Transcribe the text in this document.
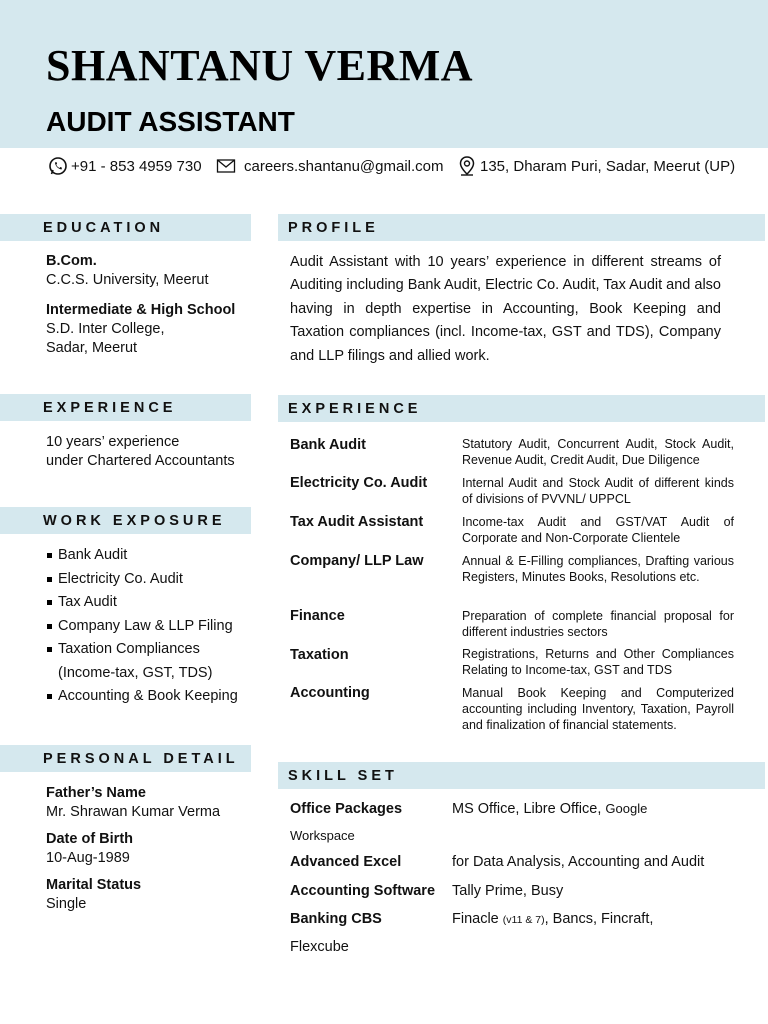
SHANTANU VERMA
AUDIT ASSISTANT
+91 - 853 4959 730	careers.shantanu@gmail.com 135, Dharam Puri, Sadar, Meerut (UP)
EDUCATION
B.Com.
C.C.S. University, Meerut
Intermediate & High School
S.D. Inter College,
Sadar, Meerut
EXPERIENCE
10 years’ experience
under Chartered Accountants
WORK EXPOSURE
Bank Audit
Electricity Co. Audit
Tax Audit
Company Law & LLP Filing
Taxation Compliances
(Income-tax, GST, TDS)
Accounting & Book Keeping
PERSONAL DETAIL
Father’s Name
Mr. Shrawan Kumar Verma
Date of Birth
10-Aug-1989
Marital Status
Single
PROFILE
Audit Assistant with 10 years’ experience in different streams of Auditing including Bank Audit, Electric Co. Audit, Tax Audit and also having in depth expertise in Accounting, Book Keeping and Taxation compliances (incl. Income-tax, GST and TDS), Company and LLP filings and allied work.
EXPERIENCE
Bank Audit	Statutory Audit, Concurrent Audit, Stock Audit, Revenue Audit, Credit Audit, Due Diligence
Electricity Co. Audit	Internal Audit and Stock Audit of different kinds of divisions of PVVNL/ UPPCL
Tax Audit Assistant	Income-tax Audit and GST/VAT Audit of Corporate and Non-Corporate Clientele
Company/ LLP Law	Annual & E-Filling compliances, Drafting various Registers, Minutes Books, Resolutions etc.
Finance	Preparation of complete financial proposal for different industries sectors
Taxation	Registrations, Returns and Other Compliances Relating to Income-tax, GST and TDS
Accounting	Manual Book Keeping and Computerized accounting including Inventory, Taxation, Payroll and finalization of financial statements.
SKILL SET
Office Packages	MS Office, Libre Office, Google
Workspace
Advanced Excel	for Data Analysis, Accounting and Audit
Accounting Software Tally Prime, Busy
Banking CBS	Finacle (v11 & 7), Bancs, Fincraft,
Flexcube
